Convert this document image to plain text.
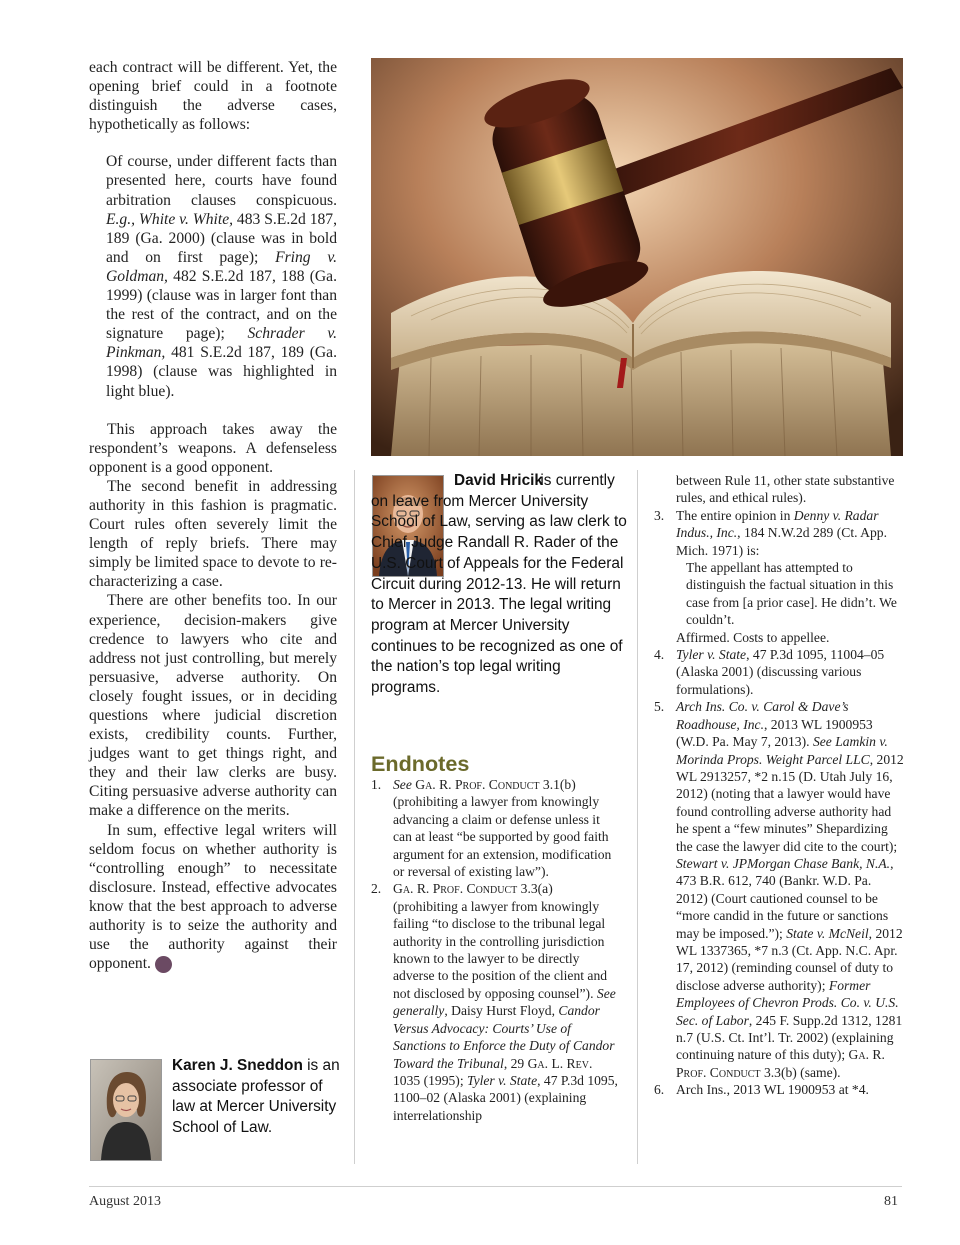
each contract will be different. Yet, the opening brief could in a footnote distinguish the adverse cases, hypothetically as follows:

Of course, under different facts than presented here, courts have found arbitration clauses conspicuous. E.g., White v. White, 483 S.E.2d 187, 189 (Ga. 2000) (clause was in bold and on first page); Fring v. Goldman, 482 S.E.2d 187, 188 (Ga. 1999) (clause was in larger font than the rest of the contract, and on the signature page); Schrader v. Pinkman, 481 S.E.2d 187, 189 (Ga. 1998) (clause was highlighted in light blue).

This approach takes away the respondent’s weapons. A defenseless opponent is a good opponent.

The second benefit in addressing authority in this fashion is pragmatic. Court rules often severely limit the length of reply briefs. There may simply be limited space to devote to re-characterizing a case.

There are other benefits too. In our experience, decision-makers give credence to lawyers who cite and address not just controlling, but merely persuasive, adverse authority. On closely fought issues, or in deciding questions where judicial discretion exists, credibility counts. Further, judges want to get things right, and they and their law clerks are busy. Citing persuasive adverse authority can make a difference on the merits.

In sum, effective legal writers will seldom focus on whether authority is “controlling enough” to necessitate disclosure. Instead, effective advocates know that the best approach to adverse authority is to seize the authority and use the authority against their opponent.	GBJ

Karen J. Sneddon is an associate professor of law at Mercer University School of Law.
David Hricik
is currently on leave from Mercer University School of Law, serving as law clerk to Chief Judge Randall R. Rader of the U.S. Court of Appeals for the Federal Circuit during 2012-13. He will return to Mercer in 2013. The legal writing program at Mercer University continues to be recognized as one of the nation’s top legal writing programs.
Endnotes
1. See Ga. R. Prof. Conduct 3.1(b) (prohibiting a lawyer from knowingly advancing a claim or defense unless it can at least “be supported by good faith argument for an extension, modification or reversal of existing law”).
2. Ga. R. Prof. Conduct 3.3(a) (prohibiting a lawyer from knowingly failing “to disclose to the tribunal legal authority in the controlling jurisdiction known to the lawyer to be directly adverse to the position of the client and not disclosed by opposing counsel”). See generally, Daisy Hurst Floyd, Candor Versus Advocacy: Courts’ Use of Sanctions to Enforce the Duty of Candor Toward the Tribunal, 29 Ga. L. Rev. 1035 (1995); Tyler v. State, 47 P.3d 1095, 1100–02 (Alaska 2001) (explaining interrelationship
between Rule 11, other state substantive rules, and ethical rules).
3. The entire opinion in Denny v. Radar Indus., Inc., 184 N.W.2d 289 (Ct. App. Mich. 1971) is:
The appellant has attempted to distinguish the factual situation in this case from [a prior case]. He didn’t. We couldn’t.
Affirmed. Costs to appellee.
4. Tyler v. State, 47 P.3d 1095, 11004–05 (Alaska 2001) (discussing various formulations).
5. Arch Ins. Co. v. Carol & Dave’s Roadhouse, Inc., 2013 WL 1900953 (W.D. Pa. May 7, 2013). See Lamkin v. Morinda Props. Weight Parcel LLC, 2012 WL 2913257, *2 n.15 (D. Utah July 16, 2012) (noting that a lawyer would have found controlling adverse authority had he spent a “few minutes” Shepardizing the case the lawyer did cite to the court); Stewart v. JPMorgan Chase Bank, N.A., 473 B.R. 612, 740 (Bankr. W.D. Pa. 2012) (Court cautioned counsel to be “more candid in the future or sanctions may be imposed.”); State v. McNeil, 2012 WL 1337365, *7 n.3 (Ct. App. N.C. Apr. 17, 2012) (reminding counsel of duty to disclose adverse authority); Former Employees of Chevron Prods. Co. v. U.S. Sec. of Labor, 245 F. Supp.2d 1312, 1281 n.7 (U.S. Ct. Int’l. Tr. 2002) (explaining continuing nature of this duty); Ga. R. Prof. Conduct 3.3(b) (same).
6. Arch Ins., 2013 WL 1900953 at *4.
August 2013	81
